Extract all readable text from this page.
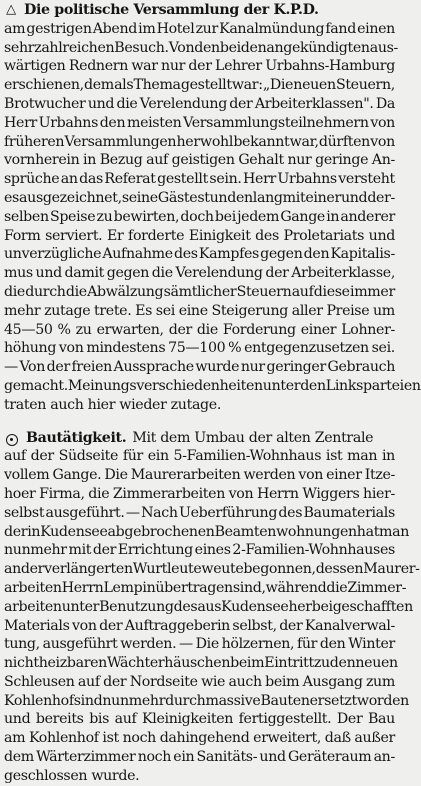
△ Die politische Versammlung der K.P.D.
am gestrigen Abend im Hotel zur Kanalmündung fand einen
sehr zahlreichen Besuch. Von den beiden angekündigten aus-
wärtigen Rednern war nur der Lehrer Urbahns-Hamburg
erschienen, dem als Thema gestellt war: „Die neuen Steuern,
Brotwucher und die Verelendung der Arbeiterklassen". Da
Herr Urbahns den meisten Versammlungsteilnehmern von
früheren Versammlungen her wohl bekannt war, dürften von
vornherein in Bezug auf geistigen Gehalt nur geringe An-
sprüche an das Referat gestellt sein. Herr Urbahns versteht
es ausgezeichnet, seine Gäste stundenlang mit einer und der-
selben Speise zu bewirten, doch bei jedem Gange in anderer
Form serviert. Er forderte Einigkeit des Proletariats und
unverzügliche Aufnahme des Kampfes gegen den Kapitalis-
mus und damit gegen die Verelendung der Arbeiterklasse,
die durch die Abwälzung sämtlicher Steuern auf diese immer
mehr zutage trete. Es sei eine Steigerung aller Preise um
45—50 % zu erwarten, der die Forderung einer Lohner-
höhung von mindestens 75—100 % entgegenzusetzen sei.
— Von der freien Aussprache wurde nur geringer Gebrauch
gemacht. Meinungsverschiedenheiten unter den Linksparteien
traten auch hier wieder zutage.
Bautätigkeit. Mit dem Umbau der alten Zentrale
auf der Südseite für ein 5-Familien-Wohnhaus ist man in
vollem Gange. Die Maurerarbeiten werden von einer Itze-
hoer Firma, die Zimmerarbeiten von Herrn Wiggers hier-
selbst ausgeführt. — Nach Ueberführung des Baumaterials
der in Kudensee abgebrochenen Beamtenwohnungen hat man
nunmehr mit der Errichtung eines 2-Familien-Wohnhauses
an der verlängerten Wurtleuteweute begonnen, dessen Maurer-
arbeiten Herrn Lempin übertragen sind, während die Zimmer-
arbeiten unter Benutzung des aus Kudensee herbeigeschafften
Materials von der Auftraggeberin selbst, der Kanalverwal-
tung, ausgeführt werden. — Die hölzernen, für den Winter
nicht heizbaren Wächterhäuschen beim Eintritt zu den neuen
Schleusen auf der Nordseite wie auch beim Ausgang zum
Kohlenhof sind nunmehr durch massive Bauten ersetzt worden
und bereits bis auf Kleinigkeiten fertiggestellt. Der Bau
am Kohlenhof ist noch dahingehend erweitert, daß außer
dem Wärterzimmer noch ein Sanitäts- und Geräteraum an-
geschlossen wurde.
